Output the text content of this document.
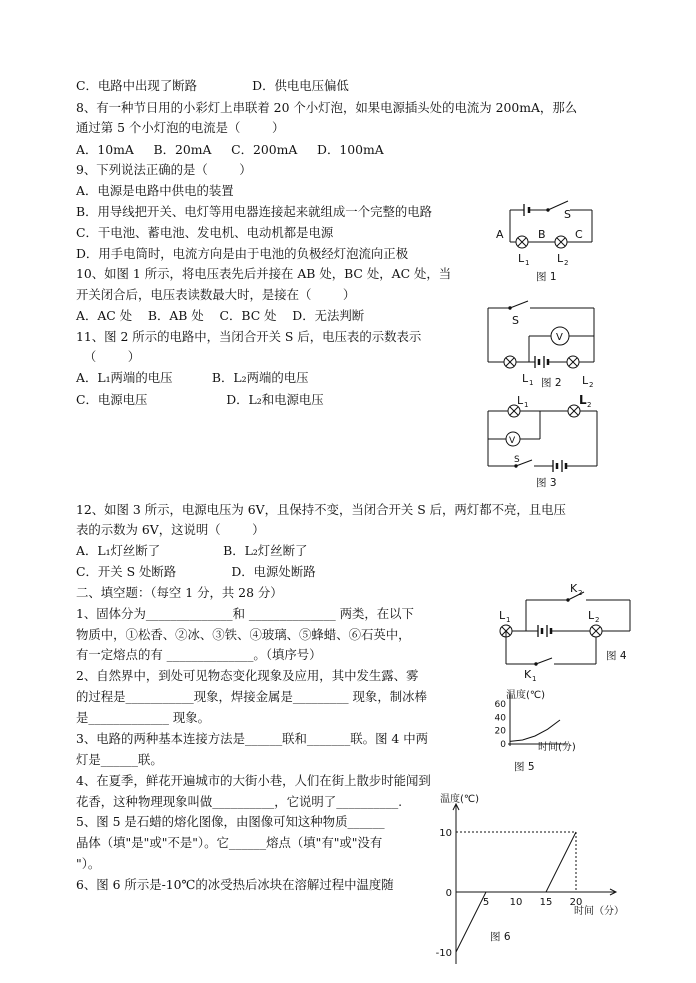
C．电路中出现了断路              D．供电电压偏低
8、有一种节日用的小彩灯上串联着 20 个小灯泡，如果电源插头处的电流为 200mA，那么
通过第 5 个小灯泡的电流是（        ）
A．10mA     B．20mA     C．200mA     D．100mA
9、下列说法正确的是（        ）
A．电源是电路中供电的装置
B．用导线把开关、电灯等用电器连接起来就组成一个完整的电路
C．干电池、蓄电池、发电机、电动机都是电源
D．用手电筒时，电流方向是由于电池的负极经灯泡流向正极
10、如图 1 所示，将电压表先后并接在 AB 处，BC 处，AC 处，当
开关闭合后，电压表读数最大时，是接在（        ）
A．AC 处    B．AB 处    C．BC 处    D．无法判断
11、图 2 所示的电路中，当闭合开关 S 后，电压表的示数表示
（        ）
A．L₁两端的电压          B．L₂两端的电压
C．电源电压                    D．L₂和电源电压
12、如图 3 所示，电源电压为 6V，且保持不变，当闭合开关 S 后，两灯都不亮，且电压
表的示数为 6V，这说明（        ）
A．L₁灯丝断了                B．L₂灯丝断了
C．开关 S 处断路              D．电源处断路
二、填空题：（每空 1 分，共 28 分）
1、固体分为______________和 ______________ 两类，在以下
物质中，①松香、②冰、③铁、④玻璃、⑤蜂蜡、⑥石英中，
有一定熔点的有 ______________。（填序号）
2、自然界中，到处可见物态变化现象及应用，其中发生露、雾
的过程是___________现象，焊接金属是_________ 现象，制冰棒
是_____________ 现象。
3、电路的两种基本连接方法是______联和_______联。图 4 中两
灯是______联。
4、在夏季，鲜花开遍城市的大街小巷，人们在街上散步时能闻到
花香，这种物理现象叫做__________，它说明了__________.
5、图 5 是石蜡的熔化图像，由图像可知这种物质______
晶体（填"是"或"不是"）。它______熔点（填"有"或"没有
"）。
6、图 6 所示是-10℃的冰受热后冰块在溶解过程中温度随
A	B	C
S
L 1	L 2
图 1
S
V
L 1	L 2
图 2
L 1	L 2
V
S
图 3
K 2
L 1	L 2
K 1
图 4
0
20
40
60
温度(℃)
时间(分)
图 5
-10
0
10
5 10 15 20
温度(℃)
时间（分）
图 6
